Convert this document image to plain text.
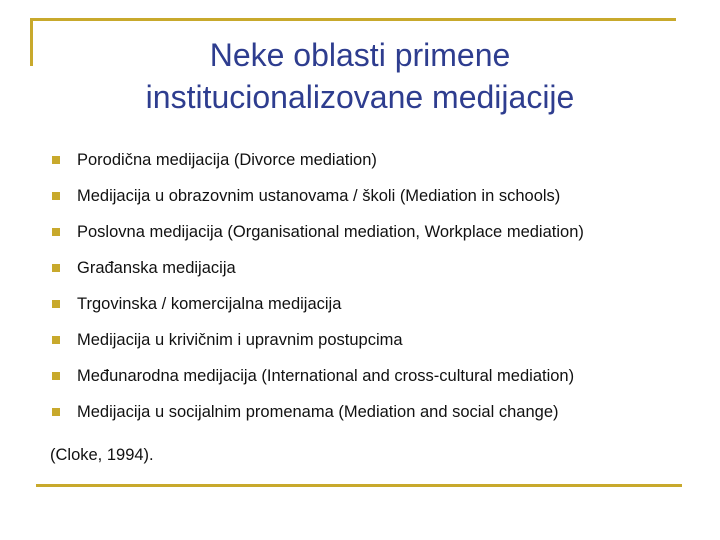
Neke oblasti primene
institucionalizovane medijacije
Porodična medijacija (Divorce mediation)
Medijacija u obrazovnim ustanovama / školi (Mediation in schools)
Poslovna medijacija (Organisational mediation, Workplace mediation)
Građanska medijacija
Trgovinska / komercijalna medijacija
Medijacija u krivičnim i upravnim postupcima
Međunarodna medijacija (International and cross-cultural mediation)
Medijacija u socijalnim promenama (Mediation and social change)

(Cloke, 1994).
